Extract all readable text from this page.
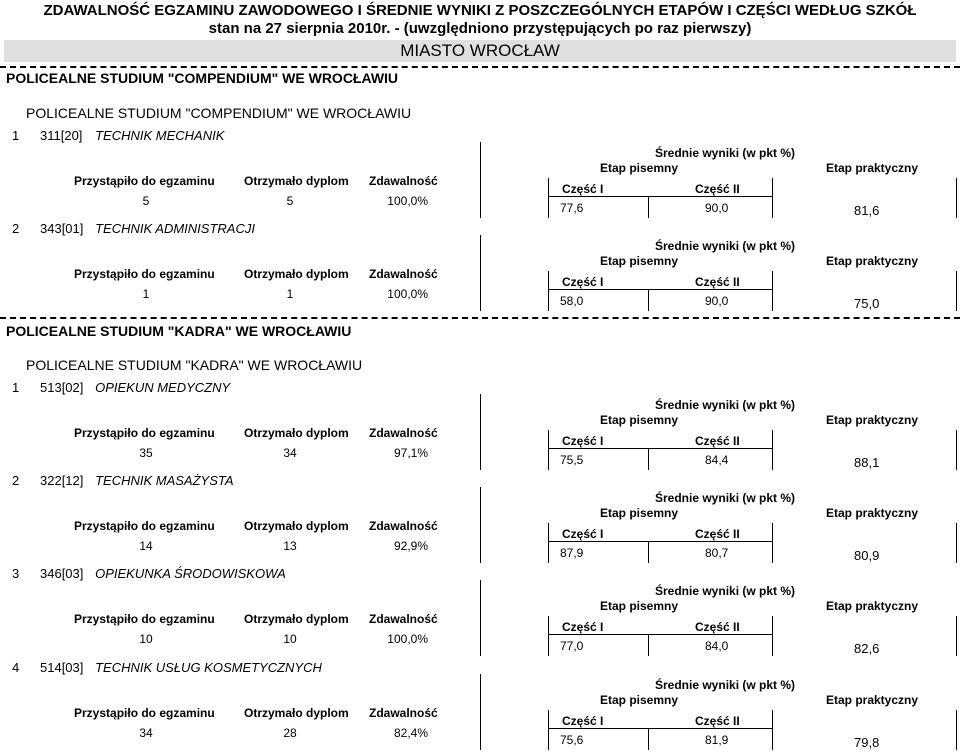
ZDAWALNOŚĆ EGZAMINU ZAWODOWEGO I ŚREDNIE WYNIKI Z POSZCZEGÓLNYCH ETAPÓW I CZĘŚCI WEDŁUG SZKÓŁ
stan na 27 sierpnia 2010r. - (uwzględniono przystępujących po raz pierwszy)
MIASTO WROCŁAW
POLICEALNE STUDIUM "COMPENDIUM" WE WROCŁAWIU
POLICEALNE STUDIUM "COMPENDIUM" WE WROCŁAWIU
POLICEALNE STUDIUM "KADRA" WE WROCŁAWIU
POLICEALNE STUDIUM "KADRA" WE WROCŁAWIU
1 311[20] TECHNIK MECHANIK
Przystąpiło do egzaminu Otrzymało dyplom Zdawalność
5	5	100,0%
Średnie wyniki (w pkt %)
Etap pisemny	Etap praktyczny
Część I	Część II
77,6	90,0	81,6
2 343[01] TECHNIK ADMINISTRACJI
Przystąpiło do egzaminu Otrzymało dyplom Zdawalność
1	1	100,0%
Średnie wyniki (w pkt %)
Etap pisemny	Etap praktyczny
Część I	Część II
58,0	90,0	75,0
1 513[02] OPIEKUN MEDYCZNY
Przystąpiło do egzaminu Otrzymało dyplom Zdawalność
35	34	97,1%
Średnie wyniki (w pkt %)
Etap pisemny	Etap praktyczny
Część I	Część II
75,5	84,4	88,1
2 322[12] TECHNIK MASAŻYSTA
Przystąpiło do egzaminu Otrzymało dyplom Zdawalność
14	13	92,9%
Średnie wyniki (w pkt %)
Etap pisemny	Etap praktyczny
Część I	Część II
87,9	80,7	80,9
3 346[03] OPIEKUNKA ŚRODOWISKOWA
Przystąpiło do egzaminu Otrzymało dyplom Zdawalność
10	10	100,0%
Średnie wyniki (w pkt %)
Etap pisemny	Etap praktyczny
Część I	Część II
77,0	84,0	82,6
4 514[03] TECHNIK USŁUG KOSMETYCZNYCH
Przystąpiło do egzaminu Otrzymało dyplom Zdawalność
34	28	82,4%
Średnie wyniki (w pkt %)
Etap pisemny	Etap praktyczny
Część I	Część II
75,6	81,9	79,8
